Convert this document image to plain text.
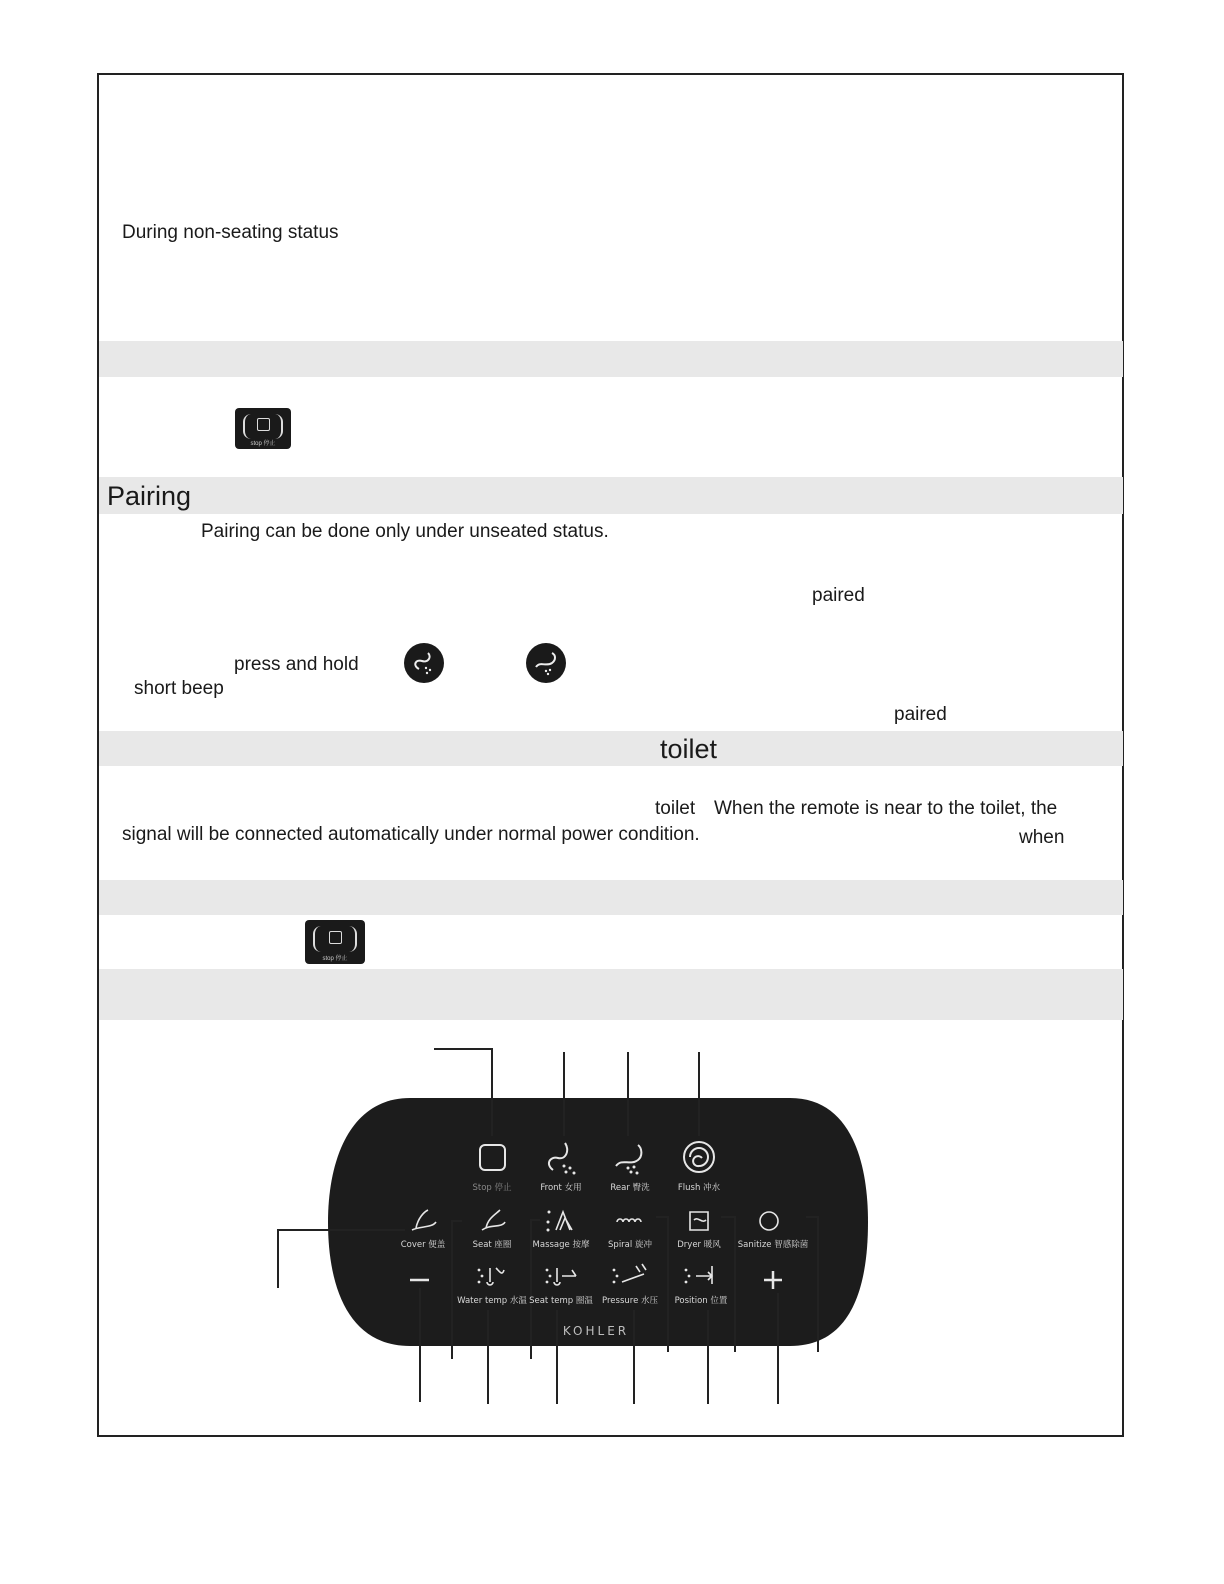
During non-seating status
stop 停止
Pairing
Pairing can be done only under unseated status.
paired
press and hold
short beep
paired
toilet
toilet When the remote is near to the toilet, the
signal will be connected automatically under normal power condition.	when
stop 停止
Stop 停止	Front 女用	Rear 臀洗	Flush 冲水
Cover 便盖	Seat 座圈 Massage 按摩 Spiral 旋冲	Dryer 暖风 Sanitize 智感除菌
Water temp 水温 Seat temp 圈温 Pressure 水压 Position 位置
KOHLER
